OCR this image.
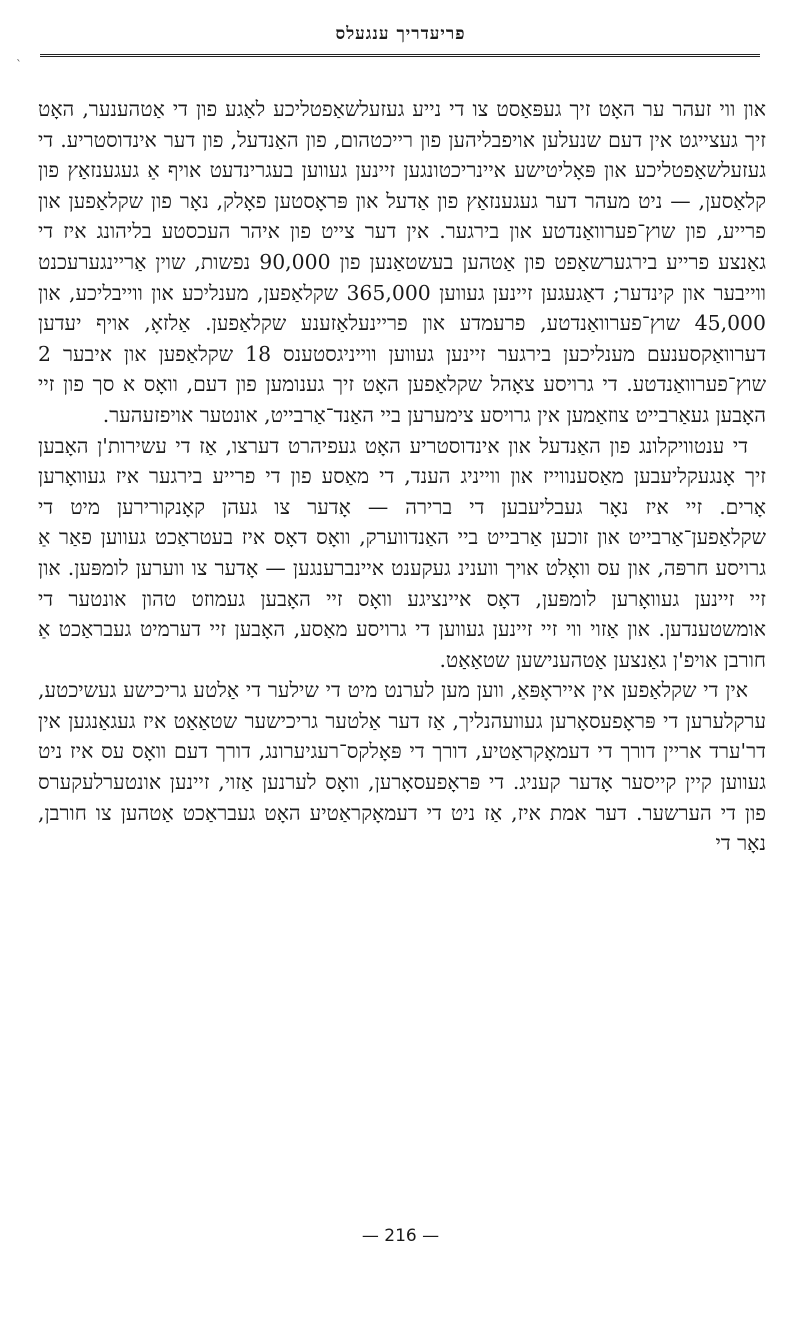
פריעדריך ענגעלס
`

און ווי זעהר ער האָט זיך געפּאַסט צו די נייע געזעלשאַפטליכע לאַגע פון די אַטהענער, האָט זיך געצייגט אין דעם שנעלען אויפבליהען פון רייכטהום, פון האַנדעל, פון דער אינדוסטריע. די געזעלשאַפטליכע און פּאָליטישע איינריכטונגען זיינען געווען בעגרינדעט אויף אַ געגענזאַץ פון קלאַסען, — ניט מעהר דער געגענזאַץ פון אַדעל און פּראָסטען פאָלק, נאָר פון שקלאַפען און פרייע, פון שוץ־פערוואַנדטע און בירגער. אין דער צייט פון איהר העכסטע בליהונג איז די גאַנצע פרייע בירגערשאַפט פון אַטהען בעשטאַנען פון 90,000 נפשות, שוין אַריינגערעכנט ווייבער און קינדער; דאַגעגען זיינען געווען 365,000 שקלאַפען, מענליכע און ווייבליכע, און 45,000 שוץ־פערוואַנדטע, פרעמדע און פריינעלאַזענע שקלאַפען. אַלזאָ, אויף יעדען דערוואַקסענעם מענליכען בירגער זיינען געווען ווייניגסטענס 18 שקלאַפען און איבער 2 שוץ־פערוואַנדטע. די גרויסע צאָהל שקלאַפען האָט זיך גענומען פון דעם, וואָס א סך פון זיי האָבען געאַרבייט צוזאַמען אין גרויסע צימערען ביי האַנד־אַרבייט, אונטער אויפזעהער.

די ענטוויקלונג פון האַנדעל און אינדוסטריע האָט געפיהרט דערצו, אַז די עשירות'ן האָבען זיך אָנגעקליעבען מאַסענווייז און ווייניג הענד, די מאַסע פון די פרייע בירגער איז געוואָרען אָרים. זיי איז נאָר געבליעבען די ברירה — אָדער צו געהן קאָנקורירען מיט די שקלאַפען־אַרבייט און זוכען אַרבייט ביי האַנדווערק, וואָס דאָס איז בעטראַכט געווען פאַר אַ גרויסע חרפּה, און עס וואָלט אויך ווענינ געקענט איינברענגען — אָדער צו ווערען לומפּען. און זיי זיינען געוואָרען לומפּען, דאָס איינציגע וואָס זיי האָבען געמוזט טהון אונטער די אומשטענדען. און אַזוי ווי זיי זיינען געווען די גרויסע מאַסע, האָבען זיי דערמיט געבראַכט אַ חורבן אויפ'ן גאַנצען אַטהענישען שטאַאַט.

אין די שקלאַפען אין אייראָפּאַ, ווען מען לערנט מיט די שילער די אַלטע גריכישע געשיכטע, ערקלערען די פּראָפעסאָרען געוועהנליך, אַז דער אַלטער גריכישער שטאַאַט איז געגאַנגען אין דר'ערד אריין דורך די דעמאָקראַטיע, דורך די פּאָלקס־רעגיערונג, דורך דעם וואָס עס איז ניט געווען קיין קייסער אָדער קעניג. די פּראָפעסאָרען, וואָס לערנען אַזוי, זיינען אונטערלעקערס פון די הערשער. דער אמת איז, אַז ניט די דעמאָקראַטיע האָט געבראַכט אַטהען צו חורבן, נאָר די

— 216 —
